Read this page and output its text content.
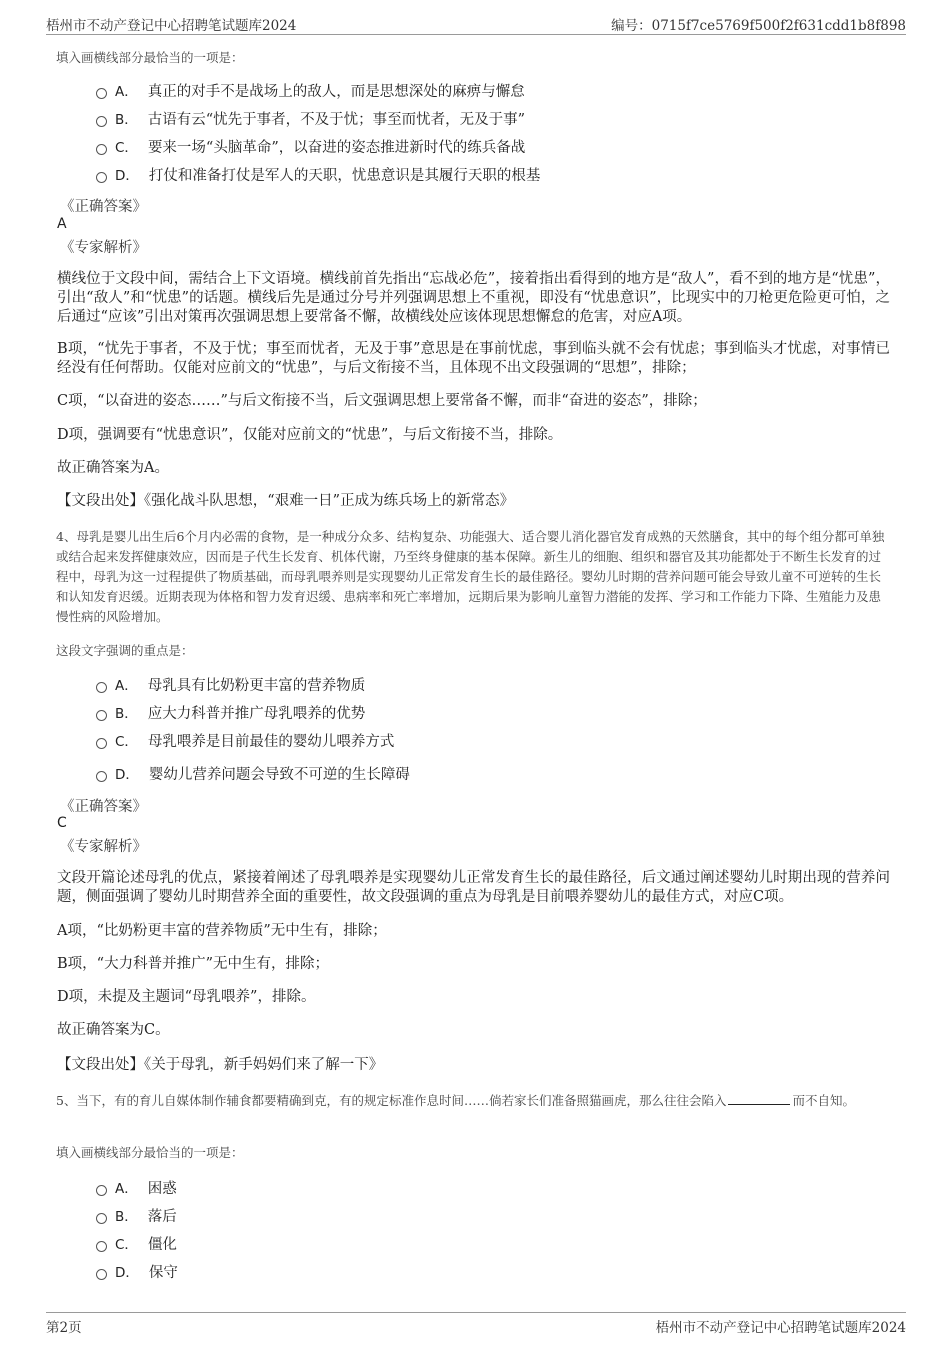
梧州市不动产登记中心招聘笔试题库2024	编号：0715f7ce5769f500f2f631cdd1b8f898
填入画横线部分最恰当的一项是：
A． 真正的对手不是战场上的敌人，而是思想深处的麻痹与懈怠
B． 古语有云“忧先于事者，不及于忧；事至而忧者，无及于事”
C． 要来一场“头脑革命”，以奋进的姿态推进新时代的练兵备战
D． 打仗和准备打仗是军人的天职，忧患意识是其履行天职的根基
《正确答案》
A
《专家解析》
横线位于文段中间，需结合上下文语境。横线前首先指出“忘战必危”，接着指出看得到的地方是“敌人”，看不到的地方是“忧患”，引出“敌人”和“忧患”的话题。横线后先是通过分号并列强调思想上不重视，即没有“忧患意识”，比现实中的刀枪更危险更可怕，之后通过“应该”引出对策再次强调思想上要常备不懈，故横线处应该体现思想懈怠的危害，对应A项。
B项，“忧先于事者，不及于忧；事至而忧者，无及于事”意思是在事前忧虑，事到临头就不会有忧虑；事到临头才忧虑，对事情已经没有任何帮助。仅能对应前文的“忧患”，与后文衔接不当，且体现不出文段强调的“思想”，排除；
C项，“以奋进的姿态……”与后文衔接不当，后文强调思想上要常备不懈，而非“奋进的姿态”，排除；
D项，强调要有“忧患意识”，仅能对应前文的“忧患”，与后文衔接不当，排除。
故正确答案为A。
【文段出处】《强化战斗队思想，“艰难一日”正成为练兵场上的新常态》
4、母乳是婴儿出生后6个月内必需的食物，是一种成分众多、结构复杂、功能强大、适合婴儿消化器官发育成熟的天然膳食，其中的每个组分都可单独或结合起来发挥健康效应，因而是子代生长发育、机体代谢，乃至终身健康的基本保障。新生儿的细胞、组织和器官及其功能都处于不断生长发育的过程中，母乳为这一过程提供了物质基础，而母乳喂养则是实现婴幼儿正常发育生长的最佳路径。婴幼儿时期的营养问题可能会导致儿童不可逆转的生长和认知发育迟缓。近期表现为体格和智力发育迟缓、患病率和死亡率增加，远期后果为影响儿童智力潜能的发挥、学习和工作能力下降、生殖能力及患慢性病的风险增加。
这段文字强调的重点是：
A． 母乳具有比奶粉更丰富的营养物质
B． 应大力科普并推广母乳喂养的优势
C． 母乳喂养是目前最佳的婴幼儿喂养方式
D． 婴幼儿营养问题会导致不可逆的生长障碍
《正确答案》
C
《专家解析》
文段开篇论述母乳的优点，紧接着阐述了母乳喂养是实现婴幼儿正常发育生长的最佳路径，后文通过阐述婴幼儿时期出现的营养问题，侧面强调了婴幼儿时期营养全面的重要性，故文段强调的重点为母乳是目前喂养婴幼儿的最佳方式，对应C项。
A项，“比奶粉更丰富的营养物质”无中生有，排除；
B项，“大力科普并推广”无中生有，排除；
D项，未提及主题词“母乳喂养”，排除。
故正确答案为C。
【文段出处】《关于母乳，新手妈妈们来了解一下》
5、当下，有的育儿自媒体制作辅食都要精确到克，有的规定标准作息时间……倘若家长们准备照猫画虎，那么往往会陷入	而不自知。
填入画横线部分最恰当的一项是：
A． 困惑
B． 落后
C． 僵化
D． 保守
第2页	梧州市不动产登记中心招聘笔试题库2024
